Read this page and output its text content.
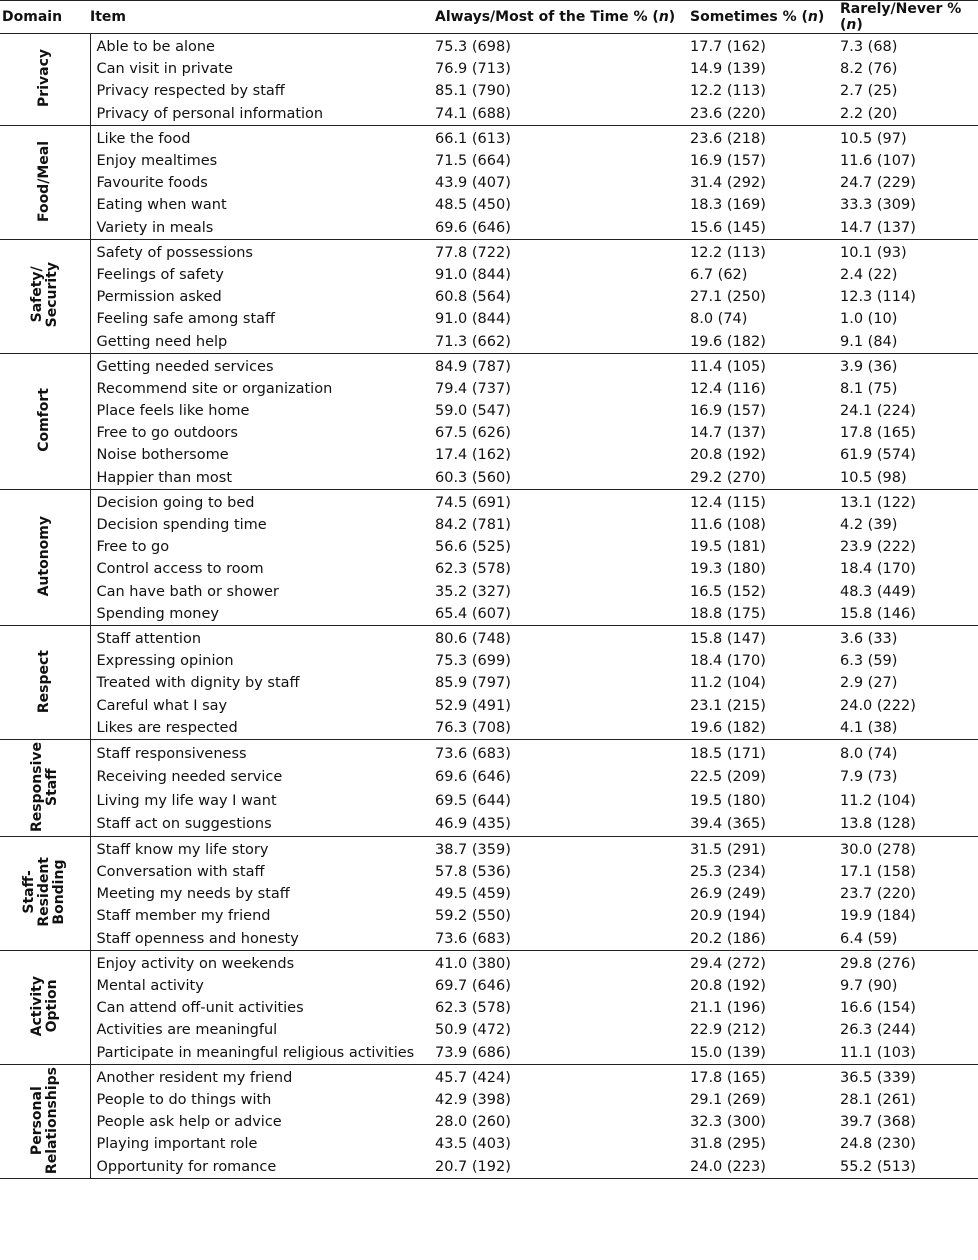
Domain	Item	Always/Most of the Time % (n)	Sometimes % (n)	Rarely/Never % (n)
Privacy	Able to be alone	75.3 (698)	17.7 (162)	7.3 (68)
	Can visit in private	76.9 (713)	14.9 (139)	8.2 (76)
	Privacy respected by staff	85.1 (790)	12.2 (113)	2.7 (25)
	Privacy of personal information	74.1 (688)	23.6 (220)	2.2 (20)
Food/Meal	Like the food	66.1 (613)	23.6 (218)	10.5 (97)
	Enjoy mealtimes	71.5 (664)	16.9 (157)	11.6 (107)
	Favourite foods	43.9 (407)	31.4 (292)	24.7 (229)
	Eating when want	48.5 (450)	18.3 (169)	33.3 (309)
	Variety in meals	69.6 (646)	15.6 (145)	14.7 (137)
Safety/
Security	Safety of possessions	77.8 (722)	12.2 (113)	10.1 (93)
	Feelings of safety	91.0 (844)	6.7 (62)	2.4 (22)
	Permission asked	60.8 (564)	27.1 (250)	12.3 (114)
	Feeling safe among staff	91.0 (844)	8.0 (74)	1.0 (10)
	Getting need help	71.3 (662)	19.6 (182)	9.1 (84)
Comfort	Getting needed services	84.9 (787)	11.4 (105)	3.9 (36)
	Recommend site or organization	79.4 (737)	12.4 (116)	8.1 (75)
	Place feels like home	59.0 (547)	16.9 (157)	24.1 (224)
	Free to go outdoors	67.5 (626)	14.7 (137)	17.8 (165)
	Noise bothersome	17.4 (162)	20.8 (192)	61.9 (574)
	Happier than most	60.3 (560)	29.2 (270)	10.5 (98)
Autonomy	Decision going to bed	74.5 (691)	12.4 (115)	13.1 (122)
	Decision spending time	84.2 (781)	11.6 (108)	4.2 (39)
	Free to go	56.6 (525)	19.5 (181)	23.9 (222)
	Control access to room	62.3 (578)	19.3 (180)	18.4 (170)
	Can have bath or shower	35.2 (327)	16.5 (152)	48.3 (449)
	Spending money	65.4 (607)	18.8 (175)	15.8 (146)
Respect	Staff attention	80.6 (748)	15.8 (147)	3.6 (33)
	Expressing opinion	75.3 (699)	18.4 (170)	6.3 (59)
	Treated with dignity by staff	85.9 (797)	11.2 (104)	2.9 (27)
	Careful what I say	52.9 (491)	23.1 (215)	24.0 (222)
	Likes are respected	76.3 (708)	19.6 (182)	4.1 (38)
Responsive
Staff	Staff responsiveness	73.6 (683)	18.5 (171)	8.0 (74)
	Receiving needed service	69.6 (646)	22.5 (209)	7.9 (73)
	Living my life way I want	69.5 (644)	19.5 (180)	11.2 (104)
	Staff act on suggestions	46.9 (435)	39.4 (365)	13.8 (128)
Staff-
Resident
Bonding	Staff know my life story	38.7 (359)	31.5 (291)	30.0 (278)
	Conversation with staff	57.8 (536)	25.3 (234)	17.1 (158)
	Meeting my needs by staff	49.5 (459)	26.9 (249)	23.7 (220)
	Staff member my friend	59.2 (550)	20.9 (194)	19.9 (184)
	Staff openness and honesty	73.6 (683)	20.2 (186)	6.4 (59)
Activity
Option	Enjoy activity on weekends	41.0 (380)	29.4 (272)	29.8 (276)
	Mental activity	69.7 (646)	20.8 (192)	9.7 (90)
	Can attend off-unit activities	62.3 (578)	21.1 (196)	16.6 (154)
	Activities are meaningful	50.9 (472)	22.9 (212)	26.3 (244)
	Participate in meaningful religious activities	73.9 (686)	15.0 (139)	11.1 (103)
Personal
Relationships	Another resident my friend	45.7 (424)	17.8 (165)	36.5 (339)
	People to do things with	42.9 (398)	29.1 (269)	28.1 (261)
	People ask help or advice	28.0 (260)	32.3 (300)	39.7 (368)
	Playing important role	43.5 (403)	31.8 (295)	24.8 (230)
	Opportunity for romance	20.7 (192)	24.0 (223)	55.2 (513)
